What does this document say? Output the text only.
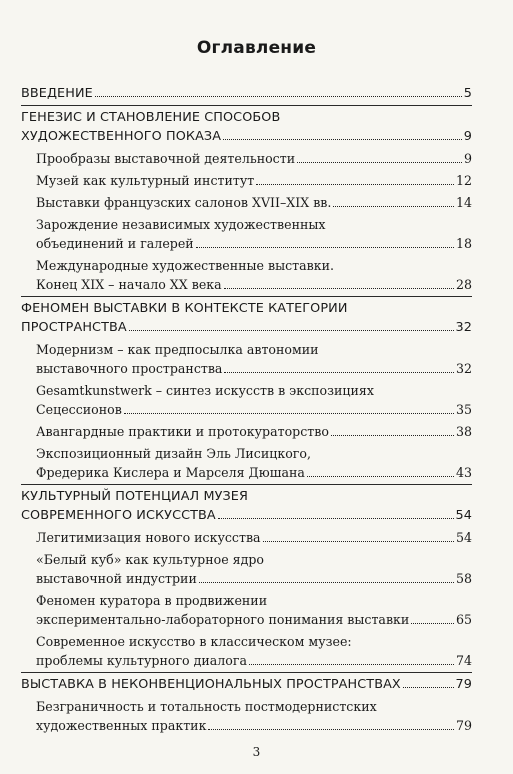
Оглавление
ВВЕДЕНИЕ	5
ГЕНЕЗИС И СТАНОВЛЕНИЕ СПОСОБОВ
ХУДОЖЕСТВЕННОГО ПОКАЗА	9
Прообразы выставочной деятельности	9
Музей как культурный институт	12
Выставки французских салонов XVII–XIX вв.	14
Зарождение независимых художественных
объединений и галерей	18
Международные художественные выставки.
Конец XIX – начало XX века	28
ФЕНОМЕН ВЫСТАВКИ В КОНТЕКСТЕ КАТЕГОРИИ
ПРОСТРАНСТВА	32
Модернизм – как предпосылка автономии
выставочного пространства	32
Gesamtkunstwerk – синтез искусств в экспозициях
Сецессионов	35
Авангардные практики и протокураторство	38
Экспозиционный дизайн Эль Лисицкого,
Фредерика Кислера и Марселя Дюшана	43
КУЛЬТУРНЫЙ ПОТЕНЦИАЛ МУЗЕЯ
СОВРЕМЕННОГО ИСКУССТВА	54
Легитимизация нового искусства	54
«Белый куб» как культурное ядро
выставочной индустрии	58
Феномен куратора в продвижении
экспериментально-лабораторного понимания выставки	65
Современное искусство в классическом музее:
проблемы культурного диалога	74
ВЫСТАВКА В НЕКОНВЕНЦИОНАЛЬНЫХ ПРОСТРАНСТВАХ	79
Безграничность и тотальность постмодернистских
художественных практик	79
3
